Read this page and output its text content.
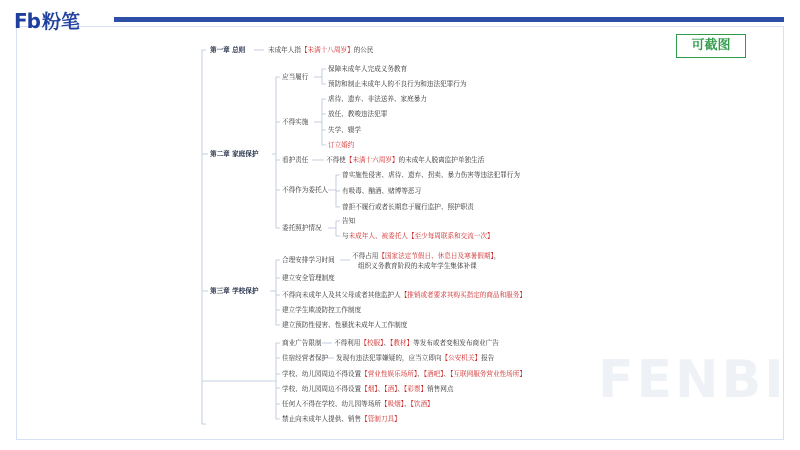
Fb 粉笔
可截图
FENBI
第一章 总则	未成年人指【未满十八周岁】的公民
第二章 家庭保护
应当履行
保障未成年人完成义务教育
预防和制止未成年人的不良行为和违法犯罪行为
不得实施
虐待、遗弃、非法送养、家庭暴力
放任、教唆违法犯罪
失学、辍学
订立婚约
看护责任	不得使【未满十六周岁】的未成年人脱离监护单独生活
不得作为委托人
曾实施性侵害、虐待、遗弃、拐卖、暴力伤害等违法犯罪行为
有吸毒、酗酒、赌博等恶习
曾拒不履行或者长期怠于履行监护、照护职责
委托照护情况
告知
与未成年人、被委托人【至少每周联系和交流一次】
第三章 学校保护
合理安排学习时间	不得占用【国家法定节假日、休息日及寒暑假期】，
组织义务教育阶段的未成年学生集体补课
建立安全管理制度
不得向未成年人及其父母或者其他监护人【推销或者要求其购买指定的商品和服务】
建立学生欺凌防控工作制度
建立预防性侵害、性骚扰未成年人工作制度
商业广告限制 不得利用【校服】、【教材】等发布或者变相发布商业广告
住宿经营者保护 发现有违法犯罪嫌疑的，应当立即向【公安机关】报告
学校、幼儿园周边不得设置【营业性娱乐场所】、【酒吧】、【互联网服务营业性场所】
学校、幼儿园周边不得设置【烟】、【酒】、【彩票】销售网点
任何人不得在学校、幼儿园等场所【吸烟】、【饮酒】
禁止向未成年人提供、销售【管制刀具】
